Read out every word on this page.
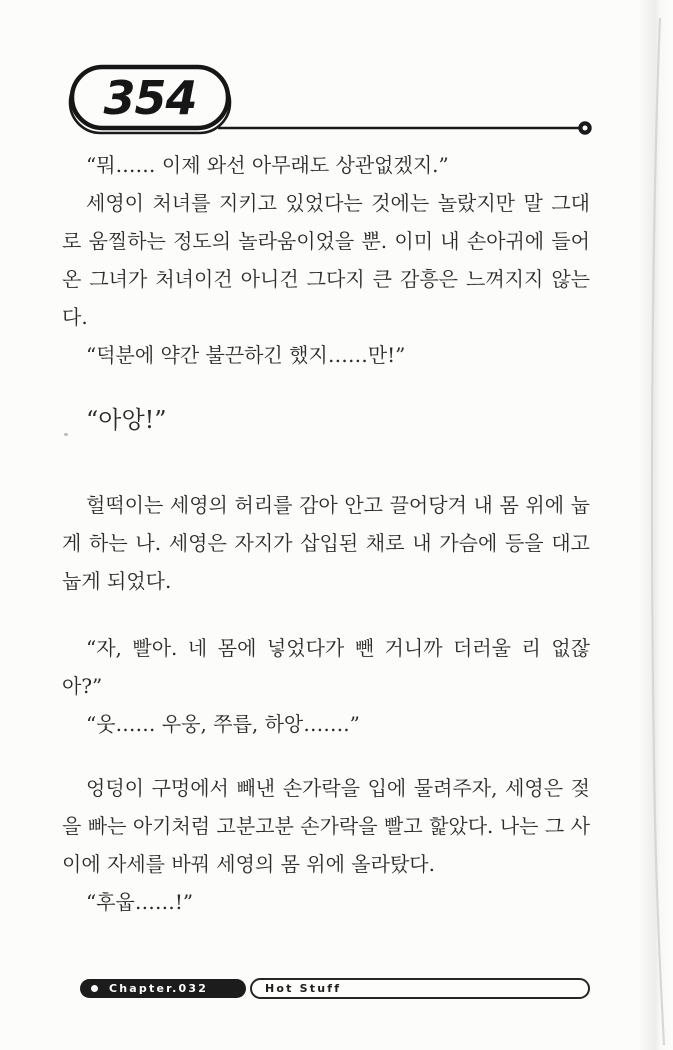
354

“뭐…… 이제 와선 아무래도 상관없겠지.”

세영이 처녀를 지키고 있었다는 것에는 놀랐지만 말 그대로 움찔하는 정도의 놀라움이었을 뿐. 이미 내 손아귀에 들어온 그녀가 처녀이건 아니건 그다지 큰 감흥은 느껴지지 않는다.

“덕분에 약간 불끈하긴 했지……만!”

“아앙!”

헐떡이는 세영의 허리를 감아 안고 끌어당겨 내 몸 위에 눕게 하는 나. 세영은 자지가 삽입된 채로 내 가슴에 등을 대고 눕게 되었다.

“자, 빨아. 네 몸에 넣었다가 뺀 거니까 더러울 리 없잖아?”

“웃…… 우웅, 쭈릅, 하앙…….”

엉덩이 구멍에서 빼낸 손가락을 입에 물려주자, 세영은 젖을 빠는 아기처럼 고분고분 손가락을 빨고 핥았다. 나는 그 사이에 자세를 바꿔 세영의 몸 위에 올라탔다.

“후웁……!”

Chapter.032	Hot Stuff
